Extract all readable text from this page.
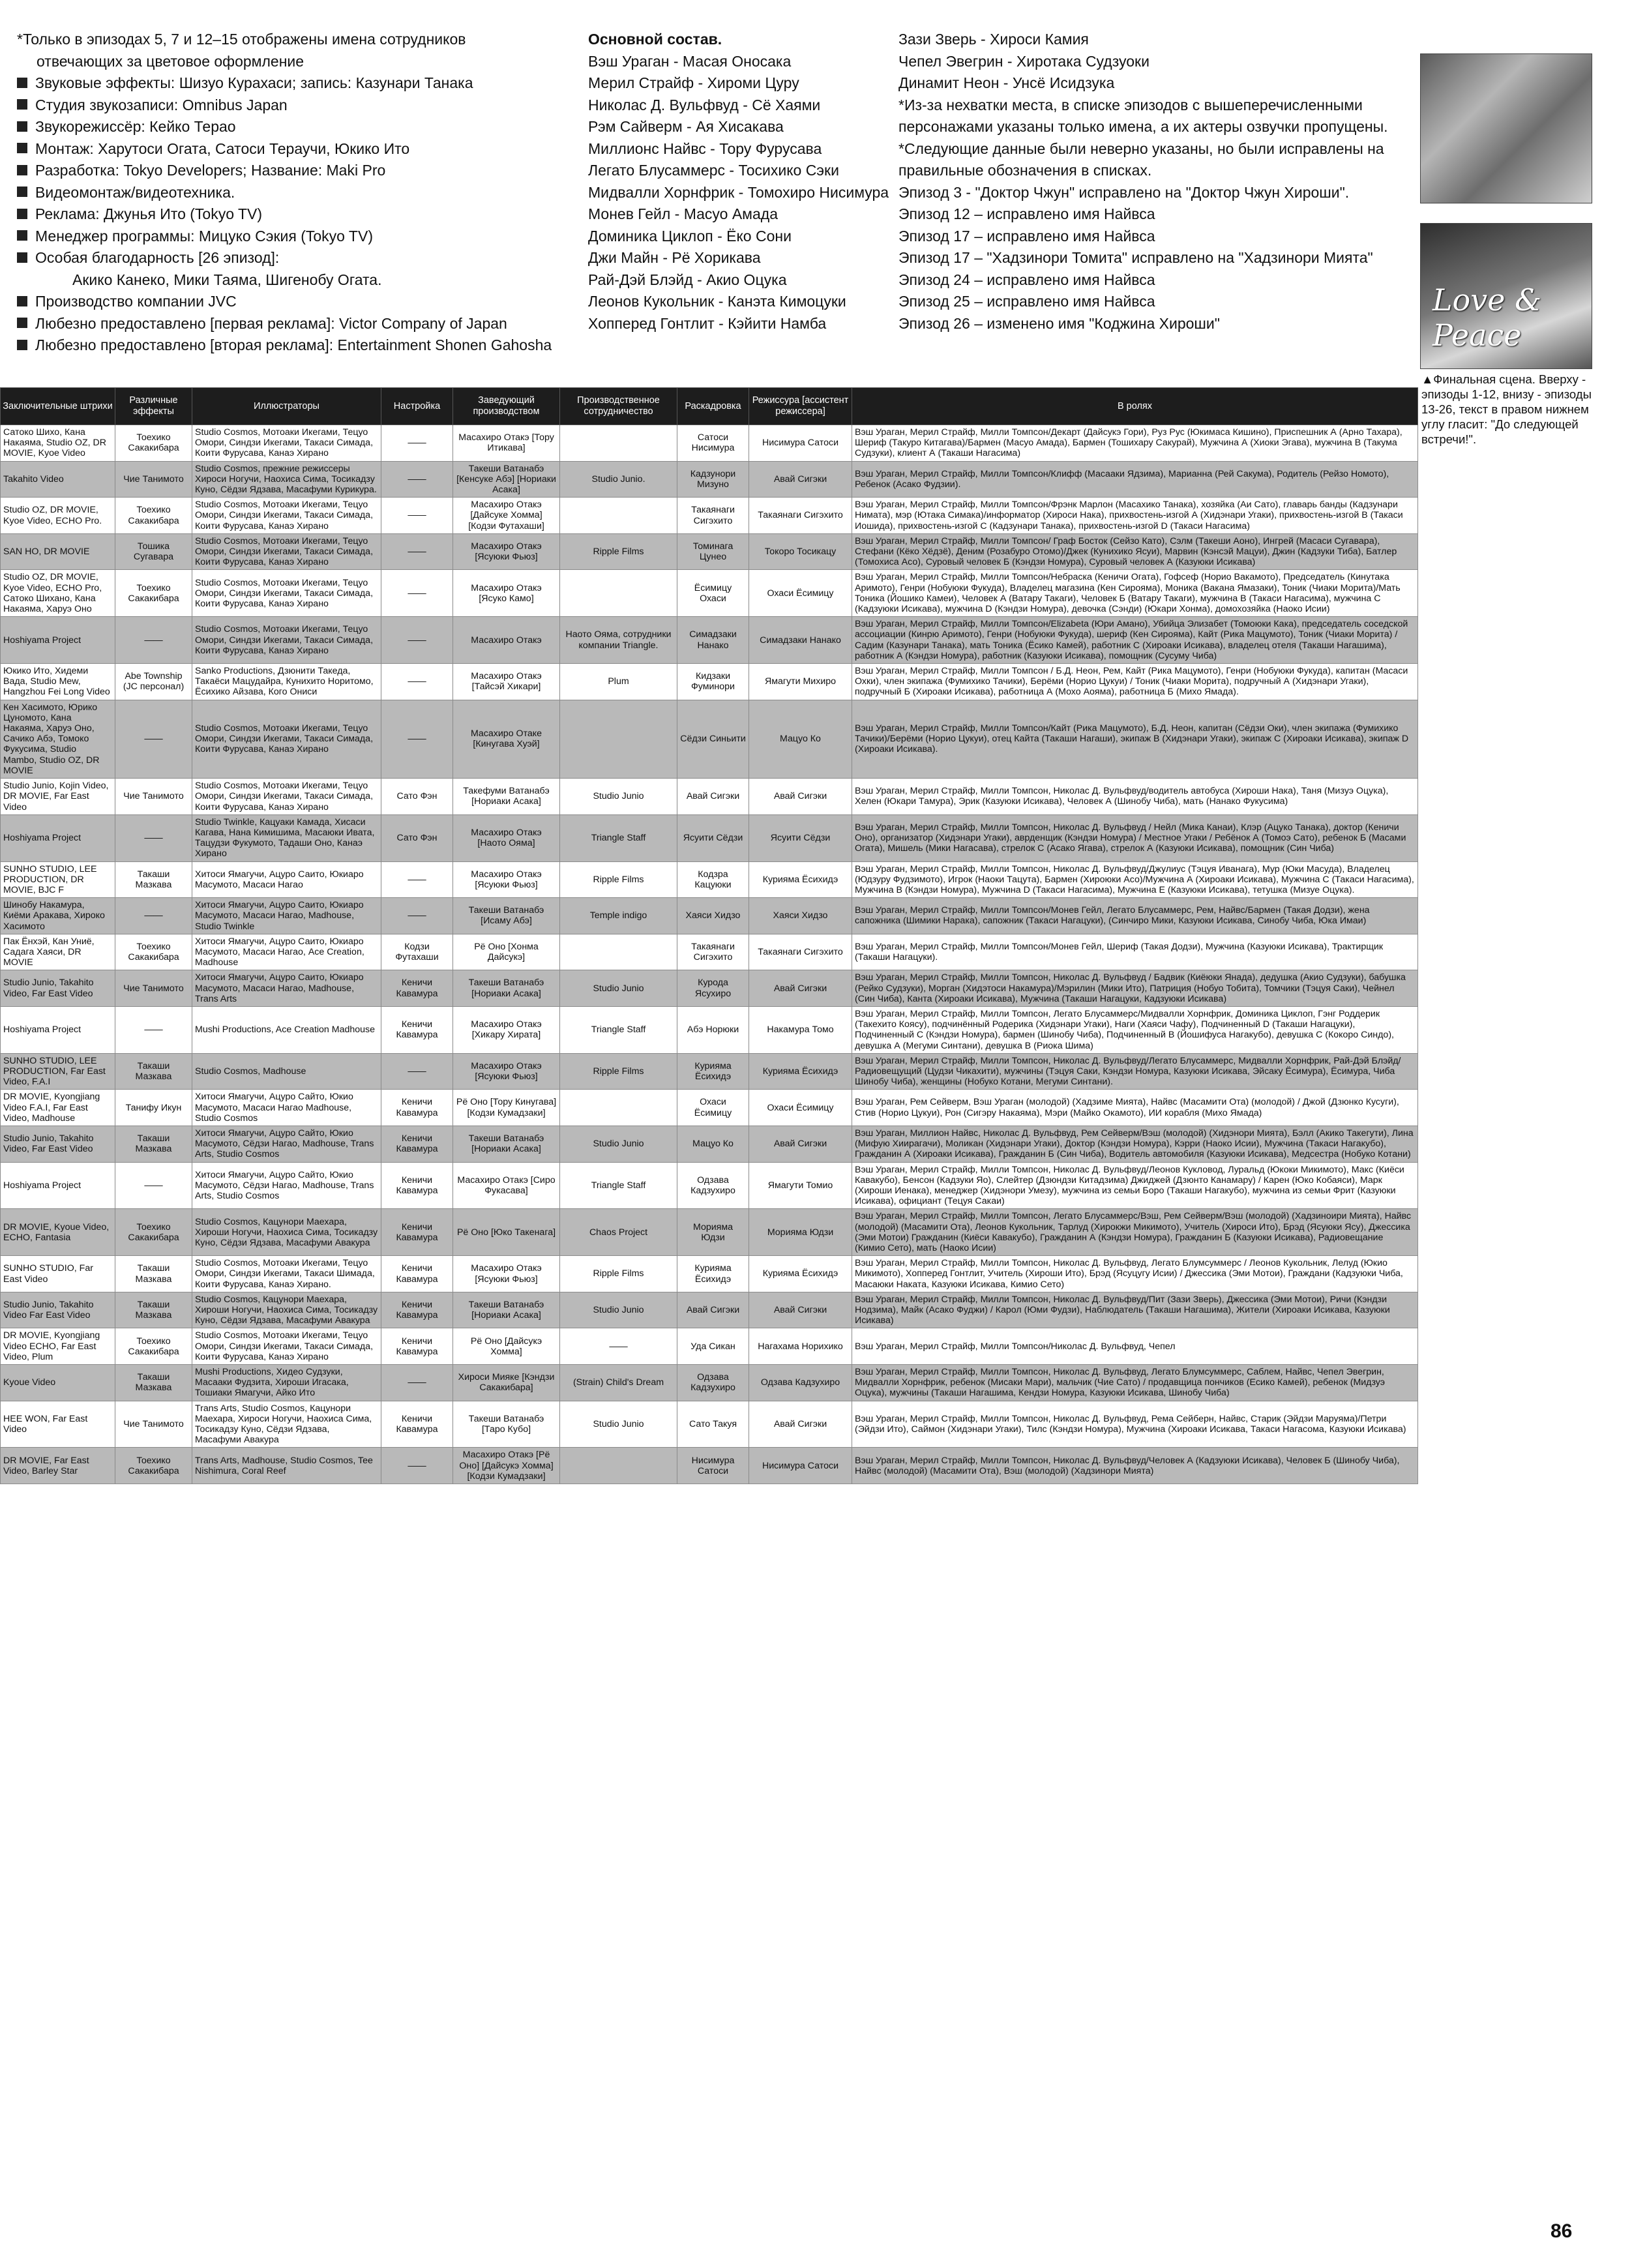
*Только в эпизодах 5, 7 и 12–15 отображены имена сотрудников
отвечающих за цветовое оформление
Звуковые эффекты: Шизуо Курахаси; запись: Казунари Танака
Студия звукозаписи: Omnibus Japan
Звукорежиссёр: Кейко Терао
Монтаж: Харутоси Огата, Сатоси Тераучи, Юкико Ито
Разработка: Tokyo Developers; Название: Maki Pro
Видеомонтаж/видеотехника.
Реклама: Джунья Ито (Tokyo TV)
Менеджер программы: Мицуко Сэкия (Tokyo TV)
Особая благодарность [26 эпизод]:
Акико Канеко, Мики Таяма, Шигенобу Огата.
Производство компании JVC
Любезно предоставлено [первая реклама]: Victor Company of Japan
Любезно предоставлено [вторая реклама]: Entertainment Shonen Gahosha
Основной состав.
Вэш Ураган - Масая Оносака
Мерил Страйф - Хироми Цуру
Николас Д. Вульфвуд - Сё Хаями
Рэм Сайверм - Ая Хисакава
Миллионс Найвс - Тору Фурусава
Легато Блусаммерс - Тосихико Сэки
Мидвалли Хорнфрик - Томохиро Нисимура
Монев Гейл - Масуо Амада
Доминика Циклоп - Ёко Сони
Джи Майн - Рё Хорикава
Рай-Дэй Блэйд - Акио Оцука
Леонов Кукольник - Канэта Кимоцуки
Хопперед Гонтлит - Кэйити Намба
Зази Зверь - Хироси Камия
Чепел Эвегрин - Хиротака Судзуоки
Динамит Неон - Унсё Исидзука
*Из-за нехватки места, в списке эпизодов с вышеперечисленными
персонажами указаны только имена, а их актеры озвучки пропущены.
*Следующие данные были неверно указаны, но были исправлены на
правильные обозначения в списках.
Эпизод 3 - "Доктор Чжун" исправлено на "Доктор Чжун Хироши".
Эпизод 12 – исправлено имя Найвса
Эпизод 17 – исправлено имя Найвса
Эпизод 17 – "Хадзинори Томита" исправлено на "Хадзинори Мията"
Эпизод 24 – исправлено имя Найвса
Эпизод 25 – исправлено имя Найвса
Эпизод 26 – изменено имя "Коджина Хироши"
Love & Peace
▲Финальная сцена. Вверху - эпизоды 1-12, внизу - эпизоды 13-26, текст в правом нижнем углу гласит: "До следующей встречи!".
Заключительные штрихи	Различные эффекты	Иллюстраторы	Настройка	Заведующий производством	Производственное сотрудничество	Раскадровка	Режиссура [ассистент режиссера]	В ролях
Сатоко Шихо, Кана Накаяма, Studio OZ, DR MOVIE, Kyoe Video	Тоехико Сакакибара	Studio Cosmos, Мотоаки Икегами, Тецуо Омори, Синдзи Икегами, Такаси Симада, Коити Фурусава, Канаэ Хирано	——	Масахиро Отакэ [Тору Итикава]		Сатоси Нисимура	Нисимура Сатоси	Вэш Ураган, Мерил Страйф, Милли Томпсон/Декарт (Дайсукэ Гори), Руз Рус (Юкимаса Кишино), Приспешник А (Арно Тахара), Шериф (Такуро Китагава)/Бармен (Масуо Амада), Бармен (Тошихару Сакурай), Мужчина А (Хиоки Эгава), мужчина В (Такума Судзуки), клиент А (Такаши Нагасима)
Takahito Video	Чие Танимото	Studio Cosmos, прежние режиссеры Хироси Ногучи, Наохиса Сима, Тосикадзу Куно, Сёдзи Ядзава, Масафуми Курикура.	——	Такеши Ватанабэ [Кенсуке Абэ] [Нориаки Асака]	Studio Junio.	Кадзунори Мизуно	Авай Сигэки	Вэш Ураган, Мерил Страйф, Милли Томпсон/Клифф (Масааки Ядзима), Марианна (Рей Сакума), Родитель (Рейзо Номото), Ребенок (Асако Фудзии).
Studio OZ, DR MOVIE, Kyoe Video, ECHO Pro.	Тоехико Сакакибара	Studio Cosmos, Мотоаки Икегами, Тецуо Омори, Синдзи Икегами, Такаси Симада, Коити Фурусава, Канаэ Хирано	——	Масахиро Отакэ [Дайсуке Хомма] [Кодзи Футахаши]		Такаянаги Сигэхито	Такаянаги Сигэхито	Вэш Ураган, Мерил Страйф, Милли Томпсон/Фрэнк Марлон (Масахико Танака), хозяйка (Аи Сато), главарь банды (Кадзунари Нимата), мэр (Ютака Симака)/информатор (Хироси Нака), прихвостень-изгой А (Хидэнари Угаки), прихвостень-изгой В (Такаси Иошида), прихвостень-изгой С (Кадзунари Танака), прихвостень-изгой D (Такаси Нагасима)
SAN HO, DR MOVIE	Тошика Сугавара	Studio Cosmos, Мотоаки Икегами, Тецуо Омори, Синдзи Икегами, Такаси Симада, Коити Фурусава, Канаэ Хирано	——	Масахиро Отакэ [Ясуюки Фьюз]	Ripple Films	Томинага Цунео	Токоро Тосикацу	Вэш Ураган, Мерил Страйф, Милли Томпсон/ Граф Босток (Сейзо Като), Сэлм (Такеши Аоно), Ингрей (Масаси Сугавара), Стефани (Кёко Хёдзё), Деним (Розабуро Отомо)/Джек (Кунихико Ясуи), Марвин (Кэнсэй Мацуи), Джин (Кадзуки Тиба), Батлер (Томохиса Асо), Суровый человек Б (Кэндзи Номура), Суровый человек А (Казуюки Исикава)
Studio OZ, DR MOVIE, Kyoe Video, ECHO Pro, Сатоко Шихано, Кана Накаяма, Харуэ Оно	Тоехико Сакакибара	Studio Cosmos, Мотоаки Икегами, Тецуо Омори, Синдзи Икегами, Такаси Симада, Коити Фурусава, Канаэ Хирано	——	Масахиро Отакэ [Ясуко Камо]		Ёсимицу Охаси	Охаси Ёсимицу	Вэш Ураган, Мерил Страйф, Милли Томпсон/Небраска (Кеничи Огата), Гофсеф (Норио Вакамото), Председатель (Кинутака Аримото), Генри (Нобуюки Фукуда), Владелец магазина (Кен Сирояма), Моника (Вакана Ямазаки), Тоник (Чиаки Морита)/Мать Тоника (Йошико Камеи), Человек А (Ватару Такаги), Человек Б (Ватару Такаги), мужчина В (Такаси Нагасима), мужчина С (Кадзуюки Исикава), мужчина D (Кэндзи Номура), девочка (Сэнди) (Юкари Хонма), домохозяйка (Наоко Исии)
Hoshiyama Project	——	Studio Cosmos, Мотоаки Икегами, Тецуо Омори, Синдзи Икегами, Такаси Симада, Коити Фурусава, Канаэ Хирано	——	Масахиро Отакэ	Наото Ояма, сотрудники компании Triangle.	Симадзаки Нанако	Симадзаки Нанако	Вэш Ураган, Мерил Страйф, Милли Томпсон/Elizabeta (Юри Амано), Убийца Элизабет (Томоюки Кака), председатель соседской ассоциации (Кинрю Аримото), Генри (Нобуюки Фукуда), шериф (Кен Сирояма), Кайт (Рика Мацумото), Тоник (Чиаки Морита) / Садим (Казунари Танака), мать Тоника (Ёсико Камей), работник С (Хироаки Исикава), владелец отеля (Такаши Нагашима), работник А (Кэндзи Номура), работник (Казуюки Исикава), помощник (Сусуму Чиба)
Юкико Ито, Хидеми Вада, Studio Mew, Hangzhou Fei Long Video	Abe Township (JC персонал)	Sanko Productions, Дзюнити Такеда, Такаёси Мацудайра, Кунихито Норитомо, Ёсихико Айзава, Кого Ониси	——	Масахиро Отакэ [Тайсэй Хикари]	Plum	Кидзаки Фуминори	Ямагути Михиро	Вэш Ураган, Мерил Страйф, Милли Томпсон / Б.Д. Неон, Рем, Кайт (Рика Мацумото), Генри (Нобуюки Фукуда), капитан (Масаси Охки), член экипажа (Фумихико Тачики), Берёми (Норио Цукуи) / Тоник (Чиаки Морита), подручный А (Хидэнари Угаки), подручный Б (Хироаки Исикава), работница А (Мохо Аояма), работница Б (Михо Ямада).
Кен Хасимото, Юрико Цуномото, Кана Накаяма, Харуэ Оно, Сачико Абэ, Томоко Фукусима, Studio Mambo, Studio OZ, DR MOVIE	——	Studio Cosmos, Мотоаки Икегами, Тецуо Омори, Синдзи Икегами, Такаси Симада, Коити Фурусава, Канаэ Хирано	——	Масахиро Отаке [Кинугава Хуэй]		Сёдзи Синьити	Мацуо Ко	Вэш Ураган, Мерил Страйф, Милли Томпсон/Кайт (Рика Мацумото), Б.Д. Неон, капитан (Сёдзи Оки), член экипажа (Фумихико Тачики)/Берёми (Норио Цукуи), отец Кайта (Такаши Нагаши), экипаж В (Хидэнари Угаки), экипаж С (Хироаки Исикава), экипаж D (Хироаки Исикава).
Studio Junio, Kojin Video, DR MOVIE, Far East Video	Чие Танимото	Studio Cosmos, Мотоаки Икегами, Тецуо Омори, Синдзи Икегами, Такаси Симада, Коити Фурусава, Канаэ Хирано	Сато Фэн	Такефуми Ватанабэ [Нориаки Асака]	Studio Junio	Авай Сигэки	Авай Сигэки	Вэш Ураган, Мерил Страйф, Милли Томпсон, Николас Д. Вульфвуд/водитель автобуса (Хироши Нака), Таня (Мизуэ Оцука), Хелен (Юкари Тамура), Эрик (Казуюки Исикава), Человек А (Шинобу Чиба), мать (Нанако Фукусима)
Hoshiyama Project	——	Studio Twinkle, Кацуаки Камада, Хисаси Кагава, Нана Кимишима, Масаюки Ивата, Тацудзи Фукумото, Тадаши Оно, Канаэ Хирано	Сато Фэн	Масахиро Отакэ [Наото Ояма]	Triangle Staff	Ясуити Сёдзи	Ясуити Сёдзи	Вэш Ураган, Мерил Страйф, Милли Томпсон, Николас Д. Вульфвуд / Нейл (Мика Канаи), Клэр (Ацуко Танака), доктор (Кеничи Оно), организатор (Хидэнари Угаки), аврденщик (Кэндзи Номура) / Местное Угаки / Ребёнок А (Томоэ Сато), ребенок Б (Масами Огата), Мишель (Мики Нагасава), стрелок С (Асако Ягава), стрелок А (Казуюки Исикава), помощник (Син Чиба)
SUNHO STUDIO, LEE PRODUCTION, DR MOVIE, BJC F	Такаши Мазкава	Хитоси Ямагучи, Ацуро Саито, Юкиаро Масумото, Масаси Нагао	——	Масахиро Отакэ [Ясуюки Фьюз]	Ripple Films	Кодзра Кацуюки	Курияма Ёсихидэ	Вэш Ураган, Мерил Страйф, Милли Томпсон, Николас Д. Вульфвуд/Джулиус (Тэцуя Иванага), Мур (Юки Масуда), Владелец (Юдзуру Фудзимото), Игрок (Наоки Тацута), Бармен (Хироюки Асо)/Мужчина А (Хироаки Исикава), Мужчина С (Такаси Нагасима), Мужчина В (Кэндзи Номура), Мужчина D (Такаси Нагасима), Мужчина Е (Казуюки Исикава), тетушка (Мизуе Оцука).
Шинобу Накамура, Киёми Аракава, Хироко Хасимото	——	Хитоси Ямагучи, Ацуро Саито, Юкиаро Масумото, Масаси Нагао, Madhouse, Studio Twinkle	——	Такеши Ватанабэ [Исаму Абэ]	Temple indigo	Хаяси Хидзо	Хаяси Хидзо	Вэш Ураган, Мерил Страйф, Милли Томпсон/Монев Гейл, Легато Блусаммерс, Рем, Найвс/Бармен (Такая Додзи), жена сапожника (Шимики Нарака), сапожник (Такаси Нагацуки), (Синчиро Мики, Казуюки Исикава, Синобу Чиба, Юка Имаи)
Пак Ёнхэй, Кан Униё, Садага Хаяси, DR MOVIE	Тоехико Сакакибара	Хитоси Ямагучи, Ацуро Саито, Юкиаро Масумото, Масаси Нагао, Ace Creation, Madhouse	Кодзи Футахаши	Рё Оно [Хонма Дайсукэ]		Такаянаги Сигэхито	Такаянаги Сигэхито	Вэш Ураган, Мерил Страйф, Милли Томпсон/Монев Гейл, Шериф (Такая Додзи), Мужчина (Казуюки Исикава), Трактирщик (Такаши Нагацуки).
Studio Junio, Takahito Video, Far East Video	Чие Танимото	Хитоси Ямагучи, Ацуро Саито, Юкиаро Масумото, Масаси Нагао, Madhouse, Trans Arts	Кеничи Кавамура	Такеши Ватанабэ [Нориаки Асака]	Studio Junio	Курода Ясухиро	Авай Сигэки	Вэш Ураган, Мерил Страйф, Милли Томпсон, Николас Д. Вульфвуд / Бадвик (Киёюки Янада), дедушка (Акио Судзуки), бабушка (Рейко Судзуки), Морган (Хидэтоси Накамура)/Мэрилин (Мики Ито), Патриция (Нобуо Тобита), Томчики (Тэцуя Саки), Чейнел (Син Чиба), Канта (Хироаки Исикава), Мужчина (Такаши Нагацуки, Кадзуюки Исикава)
Hoshiyama Project	——	Mushi Productions, Ace Creation Madhouse	Кеничи Кавамура	Масахиро Отакэ [Хикару Хирата]	Triangle Staff	Абэ Норюки	Накамура Томо	Вэш Ураган, Мерил Страйф, Милли Томпсон, Легато Блусаммерс/Мидвалли Хорнфрик, Доминика Циклоп, Гэнг Роддерик (Такехито Коясу), подчинённый Родерика (Хидэнари Угаки), Наги (Хаяси Чафу), Подчиненный D (Такаши Нагацуки), Подчиненный С (Кэндзи Номура), бармен (Шинобу Чиба), Подчиненный В (Йошифуса Нагакубо), девушка С (Кокоро Синдо), девушка А (Мегуми Синтани), девушка В (Риока Шима)
SUNHO STUDIO, LEE PRODUCTION, Far East Video, F.A.I	Такаши Мазкава	Studio Cosmos, Madhouse	——	Масахиро Отакэ [Ясуюки Фьюз]	Ripple Films	Курияма Ёсихидэ	Курияма Ёсихидэ	Вэш Ураган, Мерил Страйф, Милли Томпсон, Николас Д. Вульфвуд/Легато Блусаммерс, Мидвалли Хорнфрик, Рай-Дэй Блэйд/Радиовещущий (Цудзи Чикахити), мужчины (Тэцуя Саки, Кэндзи Номура, Казуюки Исикава, Эйсаку Ёсимура), Ёсимура, Чиба Шинобу Чиба), женщины (Нобуко Котани, Мегуми Синтани).
DR MOVIE, Kyongjiang Video F.A.I, Far East Video, Madhouse	Танифу Икун	Хитоси Ямагучи, Ацуро Сайто, Юкио Масумото, Масаси Нагао Madhouse, Studio Cosmos	Кеничи Кавамура	Рё Оно [Тору Кинугава] [Кодзи Кумадзаки]		Охаси Ёсимицу	Охаси Ёсимицу	Вэш Ураган, Рем Сейверм, Вэш Ураган (молодой) (Хадзиме Мията), Найвс (Масамити Ота) (молодой) / Джой (Дзюнко Кусуги), Стив (Норио Цукуи), Рон (Сигэру Накаяма), Мэри (Майко Окамото), ИИ корабля (Михо Ямада)
Studio Junio, Takahito Video, Far East Video	Такаши Мазкава	Хитоси Ямагучи, Ацуро Сайто, Юкио Масумото, Сёдзи Нагао, Madhouse, Trans Arts, Studio Cosmos	Кеничи Кавамура	Такеши Ватанабэ [Нориаки Асака]	Studio Junio	Мацуо Ко	Авай Сигэки	Вэш Ураган, Миллион Найвс, Николас Д. Вульфвуд, Рем Сейверм/Вэш (молодой) (Хидэнори Мията), Бэлл (Акико Такегути), Лина (Мифую Хиирагачи), Моликан (Хидэнари Угаки), Доктор (Кэндзи Номура), Кэрри (Наоко Исии), Мужчина (Такаси Нагакубо), Гражданин А (Хироаки Исикава), Гражданин Б (Син Чиба), Водитель автомобиля (Казуюки Исикава), Медсестра (Нобуко Котани)
Hoshiyama Project	——	Хитоси Ямагучи, Ацуро Сайто, Юкио Масумото, Сёдзи Нагао, Madhouse, Trans Arts, Studio Cosmos	Кеничи Кавамура	Масахиро Отакэ [Сиро Фукасава]	Triangle Staff	Одзава Кадзухиро	Ямагути Томио	Вэш Ураган, Мерил Страйф, Милли Томпсон, Николас Д. Вульфвуд/Леонов Кукловод, Луральд (Юкоки Микимото), Макс (Киёси Кавакубо), Бенсон (Кадзуки Яо), Слейтер (Дзюндзи Китадзима) Джиджей (Дзюнто Канамару) / Карен (Юко Кобаяси), Марк (Хироши Иенака), менеджер (Хидэнори Умезу), мужчина из семьи Боро (Такаши Нагакубо), мужчина из семьи Фрит (Казуюки Исикава), официант (Тецуя Сакаи)
DR MOVIE, Kyoue Video, ECHO, Fantasia	Тоехико Сакакибара	Studio Cosmos, Кацунори Маехара, Хироши Ногучи, Наохиса Сима, Тосикадзу Куно, Сёдзи Ядзава, Масафуми Авакура	Кеничи Кавамура	Рё Оно [Юко Такенага]	Chaos Project	Морияма Юдзи	Морияма Юдзи	Вэш Ураган, Мерил Страйф, Милли Томпсон, Легато Блусаммерс/Вэш, Рем Сейверм/Вэш (молодой) (Хадзиноири Мията), Найвс (молодой) (Масамити Ота), Леонов Кукольник, Тарлуд (Хирокжи Микимото), Учитель (Хироси Ито), Брэд (Ясуюки Ясу), Джессика (Эми Мотои) Гражданин (Киёси Кавакубо), Гражданин А (Кэндзи Номура), Гражданин Б (Казуюки Исикава), Радиовещание (Кимио Сето), мать (Наоко Исии)
SUNHO STUDIO, Far East Video	Такаши Мазкава	Studio Cosmos, Мотоаки Икегами, Тецуо Омори, Синдзи Икегами, Такаси Шимада, Коити Фурусава, Канаэ Хирано.	Кеничи Кавамура	Масахиро Отакэ [Ясуюки Фьюз]	Ripple Films	Курияма Ёсихидэ	Курияма Ёсихидэ	Вэш Ураган, Мерил Страйф, Милли Томпсон, Николас Д. Вульфвуд, Легато Блумсуммерс / Леонов Кукольник, Лелуд (Юкио Микимото), Хопперед Гонтлит, Учитель (Хироши Ито), Брэд (Ясуцугу Исии) / Джессика (Эми Мотои), Граждани (Кадзуюки Чиба, Масаюки Наката, Казуюки Исикава, Кимио Сето)
Studio Junio, Takahito Video Far East Video	Такаши Мазкава	Studio Cosmos, Кацунори Маехара, Хироши Ногучи, Наохиса Сима, Тосикадзу Куно, Сёдзи Ядзава, Масафуми Авакура	Кеничи Кавамура	Такеши Ватанабэ [Нориаки Асака]	Studio Junio	Авай Сигэки	Авай Сигэки	Вэш Ураган, Мерил Страйф, Милли Томпсон, Николас Д. Вульфвуд/Пит (Зази Зверь), Джессика (Эми Мотои), Ричи (Кэндзи Нодзима), Майк (Асако Фуджи) / Карол (Юми Фудзи), Наблюдатель (Такаши Нагашима), Жители (Хироаки Исикава, Казуюки Исикава)
DR MOVIE, Kyongjiang Video ECHO, Far East Video, Plum	Тоехико Сакакибара	Studio Cosmos, Мотоаки Икегами, Тецуо Омори, Синдзи Икегами, Такаси Симада, Коити Фурусава, Канаэ Хирано	Кеничи Кавамура	Рё Оно [Дайсукэ Хомма]	——	Уда Сикан	Нагахама Норихико	Вэш Ураган, Мерил Страйф, Милли Томпсон/Николас Д. Вульфвуд, Чепел
Kyoue Video	Такаши Мазкава	Mushi Productions, Хидео Судзуки, Масааки Фудзита, Хироши Игасака, Тошиаки Ямагучи, Айко Ито	——	Хироси Мияке [Кэндзи Сакакибара]	(Strain) Child's Dream	Одзава Кадзухиро	Одзава Кадзухиро	Вэш Ураган, Мерил Страйф, Милли Томпсон, Николас Д. Вульфвуд, Легато Блумсуммерс, Саблем, Найвс, Чепел Эвегрин, Мидвалли Хорнфрик, ребенок (Мисаки Мари), мальчик (Чие Сато) / продавщица пончиков (Есико Камей), ребенок (Мидзуэ Оцука), мужчины (Такаши Нагашима, Кендзи Номура, Казуюки Исикава, Шинобу Чиба)
HEE WON, Far East Video	Чие Танимото	Trans Arts, Studio Cosmos, Кацунори Маехара, Хироси Ногучи, Наохиса Сима, Тосикадзу Куно, Сёдзи Ядзава, Масафуми Авакура	Кеничи Кавамура	Такеши Ватанабэ [Таро Кубо]	Studio Junio	Сато Такуя	Авай Сигэки	Вэш Ураган, Мерил Страйф, Милли Томпсон, Николас Д. Вульфвуд, Рема Сейберн, Найвс, Старик (Эйдзи Маруяма)/Петри (Эйдзи Ито), Саймон (Хидэнари Угаки), Тилс (Кэндзи Номура), Мужчина (Хироаки Исикава, Такаси Нагасома, Казуюки Исикава)
DR MOVIE, Far East Video, Barley Star	Тоехико Сакакибара	Trans Arts, Madhouse, Studio Cosmos, Tee Nishimura, Coral Reef	——	Масахиро Отакэ [Рё Оно] [Дайсукэ Хомма] [Кодзи Кумадзаки]		Нисимура Сатоси	Нисимура Сатоси	Вэш Ураган, Мерил Страйф, Милли Томпсон, Николас Д. Вульфвуд/Человек А (Кадзуюки Исикава), Человек Б (Шинобу Чиба), Найвс (молодой) (Масамити Ота), Вэш (молодой) (Хадзинори Мията)
86
